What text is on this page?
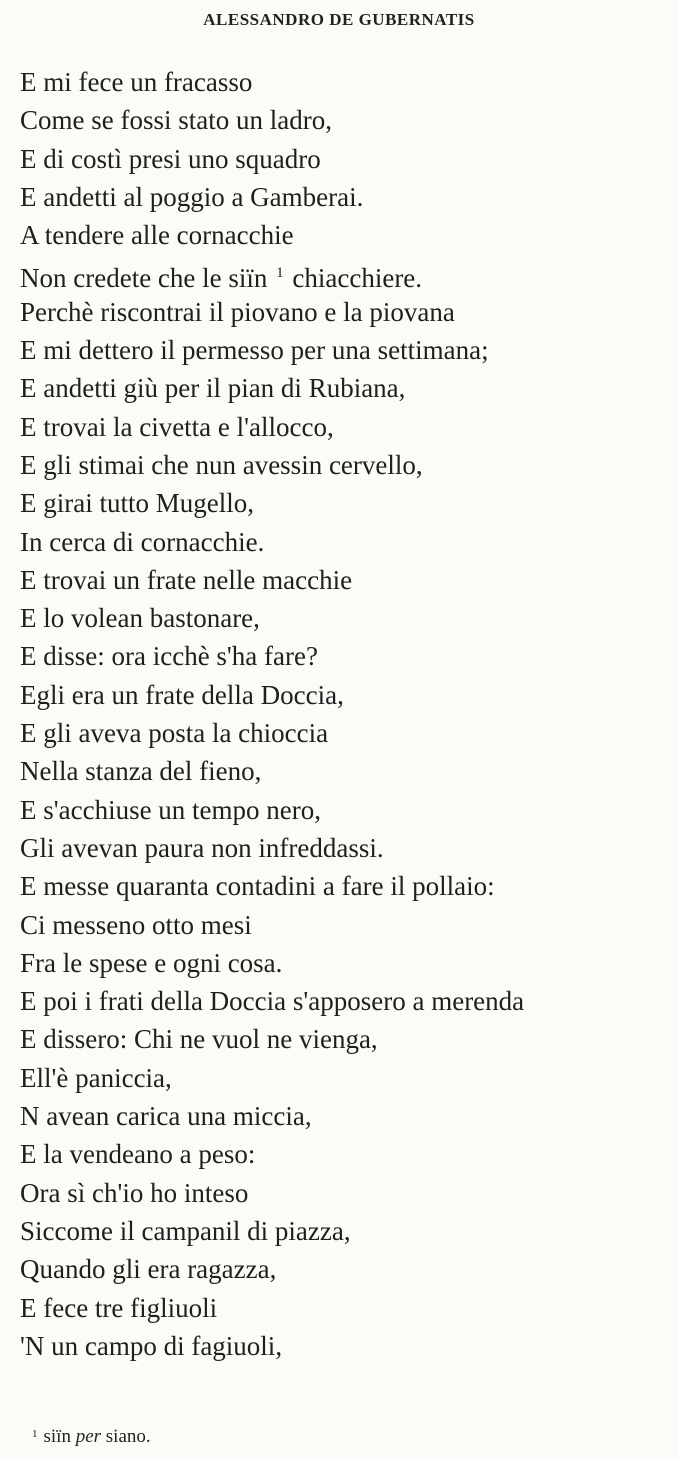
ALESSANDRO DE GUBERNATIS
E mi fece un fracasso
Come se fossi stato un ladro,
E di costì presi uno squadro
E andetti al poggio a Gamberai.
A tendere alle cornacchie
Non credete che le siïn $^1$ chiacchiere.
Perchè riscontrai il piovano e la piovana
E mi dettero il permesso per una settimana;
E andetti giù per il pian di Rubiana,
E trovai la civetta e l'allocco,
E gli stimai che nun avessin cervello,
E girai tutto Mugello,
In cerca di cornacchie.
E trovai un frate nelle macchie
E lo volean bastonare,
E disse: ora icchè s'ha fare?
Egli era un frate della Doccia,
E gli aveva posta la chioccia
Nella stanza del fieno,
E s'acchiuse un tempo nero,
Gli avevan paura non infreddassi.
E messe quaranta contadini a fare il pollaio:
Ci messeno otto mesi
Fra le spese e ogni cosa.
E poi i frati della Doccia s'apposero a merenda
E dissero: Chi ne vuol ne vienga,
Ell'è paniccia,
N avean carica una miccia,
E la vendeano a peso:
Ora sì ch'io ho inteso
Siccome il campanil di piazza,
Quando gli era ragazza,
E fece tre figliuoli
'N un campo di fagiuoli,
$^1$ siïn per siano.
